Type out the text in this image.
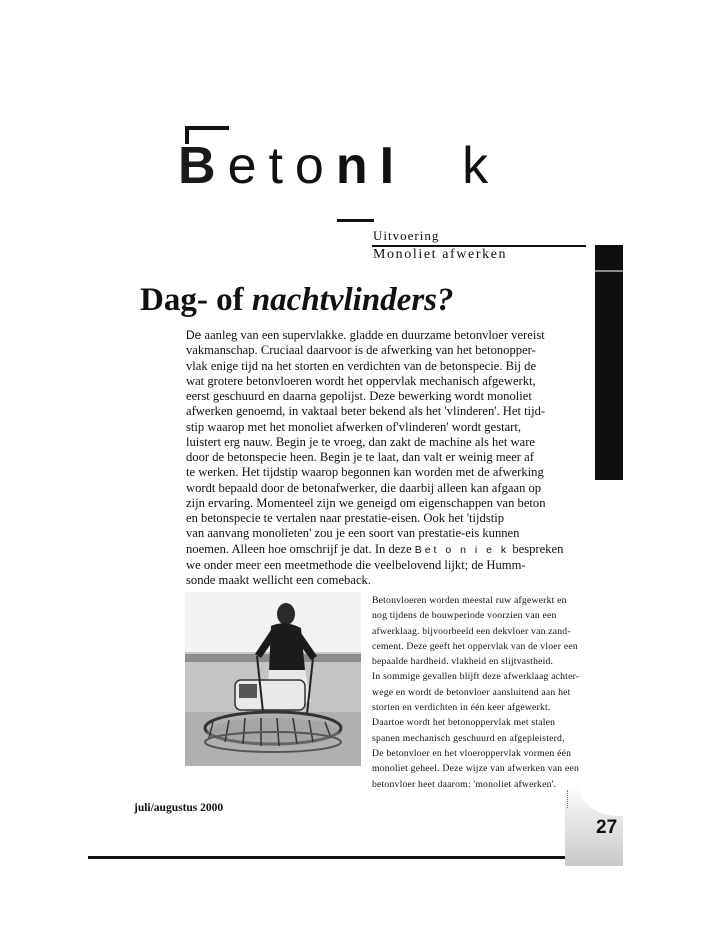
BetonI k
Uitvoering
Monoliet afwerken
Dag- of nachtvlinders?
De aanleg van een supervlakke. gladde en duurzame betonvloer vereist
vakmanschap. Cruciaal daarvoor is de afwerking van het betonopper-
vlak enige tijd na het storten en verdichten van de betonspecie. Bij de
wat grotere betonvloeren wordt het oppervlak mechanisch afgewerkt,
eerst geschuurd en daarna gepolijst. Deze bewerking wordt monoliet
afwerken genoemd, in vaktaal beter bekend als het 'vlinderen'. Het tijd-
stip waarop met het monoliet afwerken of'vlinderen' wordt gestart,
luistert erg nauw. Begin je te vroeg, dan zakt de machine als het ware
door de betonspecie heen. Begin je te laat, dan valt er weinig meer af
te werken. Het tijdstip waarop begonnen kan worden met de afwerking
wordt bepaald door de betonafwerker, die daarbij alleen kan afgaan op
zijn ervaring. Momenteel zijn we geneigd om eigenschappen van beton
en betonspecie te vertalen naar prestatie-eisen. Ook het 'tijdstip
van aanvang monolieten' zou je een soort van prestatie-eis kunnen
noemen. Alleen hoe omschrijf je dat. In deze Bet o n i e k bespreken
we onder meer een meetmethode die veelbelovend lijkt; de Humm-
sonde maakt wellicht een comeback.
Betonvloeren worden meestal ruw afgewerkt en
nog tijdens de bouwperiode voorzien van een
afwerklaag. bijvoorbeeld een dekvloer van zand-
cement. Deze geeft het oppervlak van de vloer een
bepaalde hardheid. vlakheid en slijtvastheid.
In sommige gevallen blijft deze afwerklaag achter-
wege en wordt de betonvloer aansluitend aan het
storten en verdichten in één keer afgewerkt.
Daartoe wordt het betonoppervlak met stalen
spanen mechanisch geschuurd en afgepleisterd,
De betonvloer en het vloeroppervlak vormen één
monoliet geheel. Deze wijze van afwerken van een
betonvloer heet daarom: 'monoliet afwerken'.
juli/augustus 2000
27
